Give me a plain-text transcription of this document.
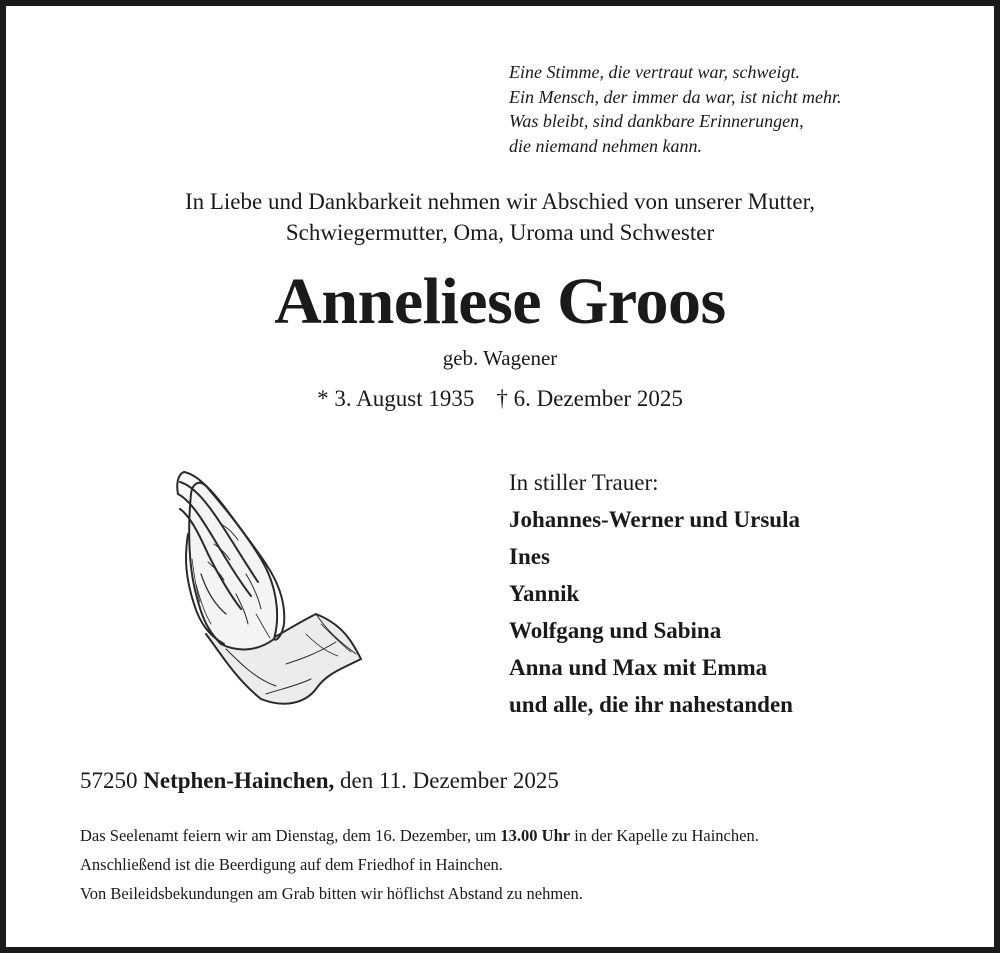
Eine Stimme, die vertraut war, schweigt.
Ein Mensch, der immer da war, ist nicht mehr.
Was bleibt, sind dankbare Erinnerungen,
die niemand nehmen kann.
In Liebe und Dankbarkeit nehmen wir Abschied von unserer Mutter,
Schwiegermutter, Oma, Uroma und Schwester
Anneliese Groos
geb. Wagener
* 3. August 1935 † 6. Dezember 2025
In stiller Trauer:
Johannes-Werner und Ursula
Ines
Yannik
Wolfgang und Sabina
Anna und Max mit Emma
und alle, die ihr nahestanden
57250 Netphen-Hainchen, den 11. Dezember 2025
Das Seelenamt feiern wir am Dienstag, dem 16. Dezember, um 13.00 Uhr in der Kapelle zu Hainchen.
Anschließend ist die Beerdigung auf dem Friedhof in Hainchen.
Von Beileidsbekundungen am Grab bitten wir höflichst Abstand zu nehmen.
